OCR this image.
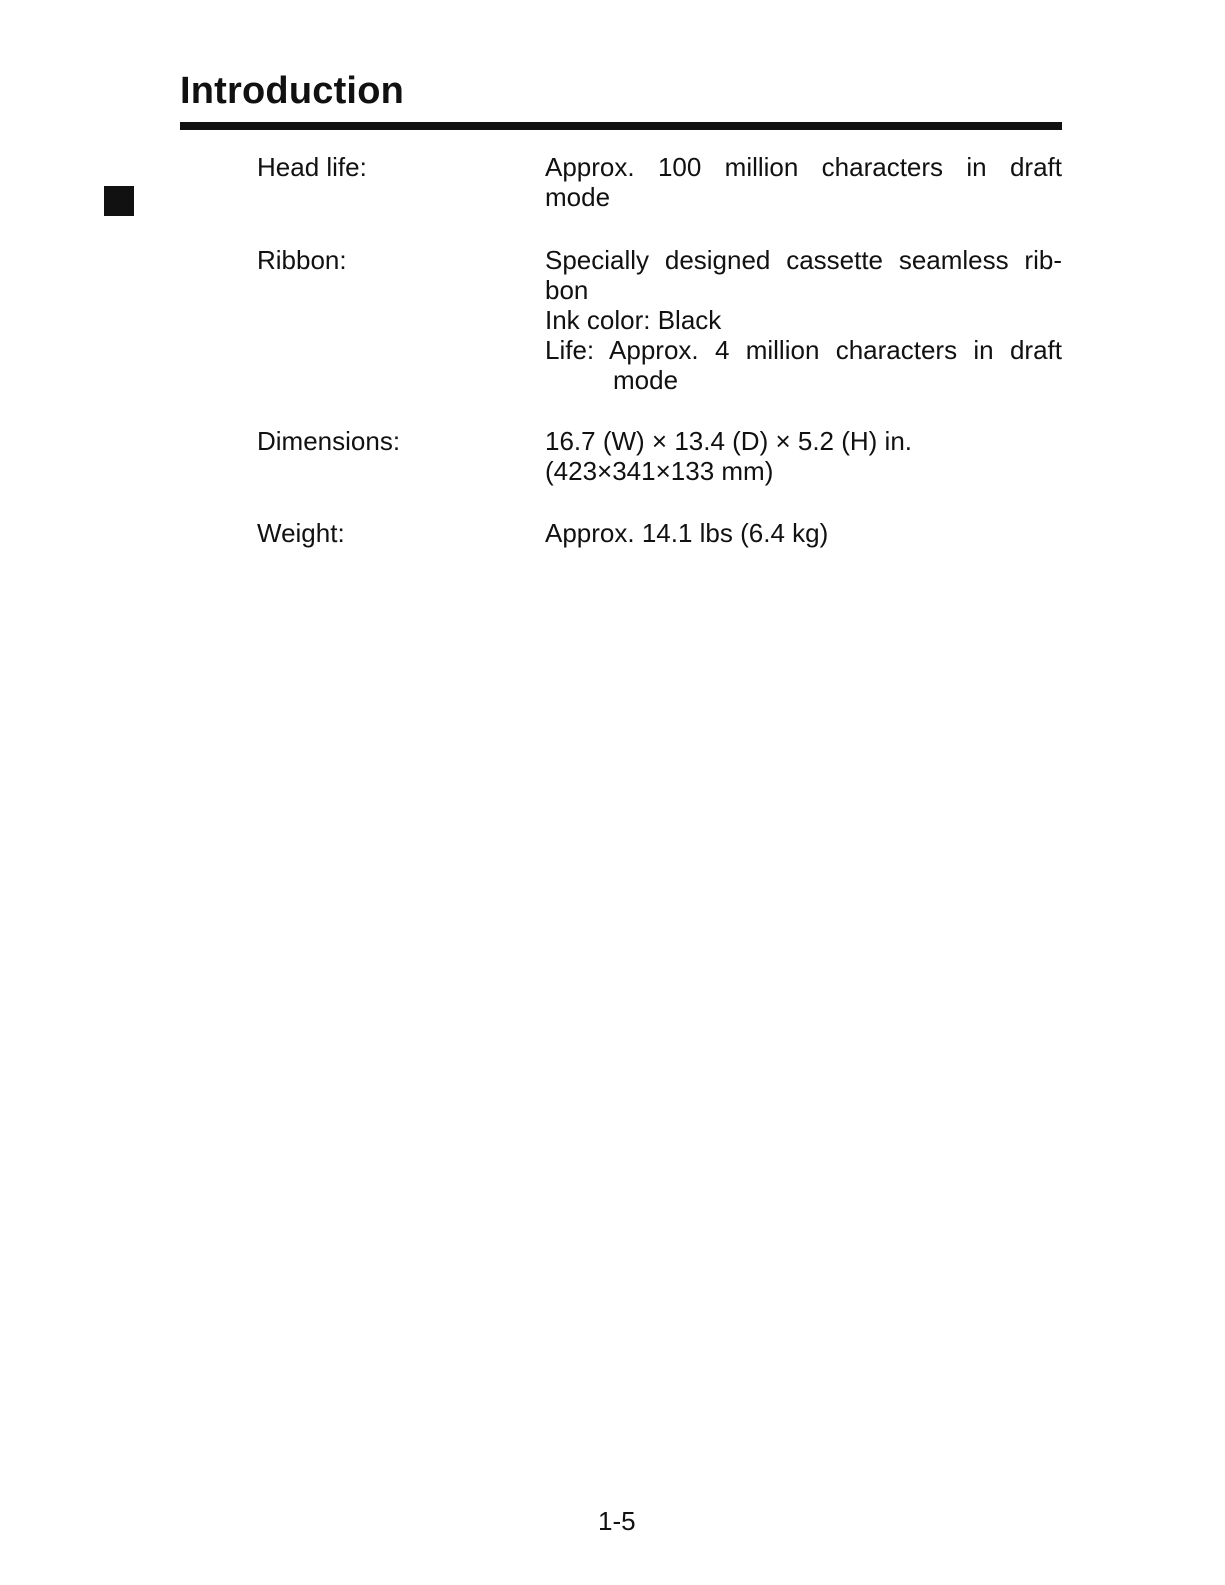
Introduction
Head life:	Approx. 100 million characters in draft
mode
Ribbon:	Specially designed cassette seamless rib-
bon
Ink color: Black
Life: Approx. 4 million characters in draft
mode
Dimensions:	16.7 (W) × 13.4 (D) × 5.2 (H) in.
(423×341×133 mm)
Weight:	Approx. 14.1 lbs (6.4 kg)
1-5
